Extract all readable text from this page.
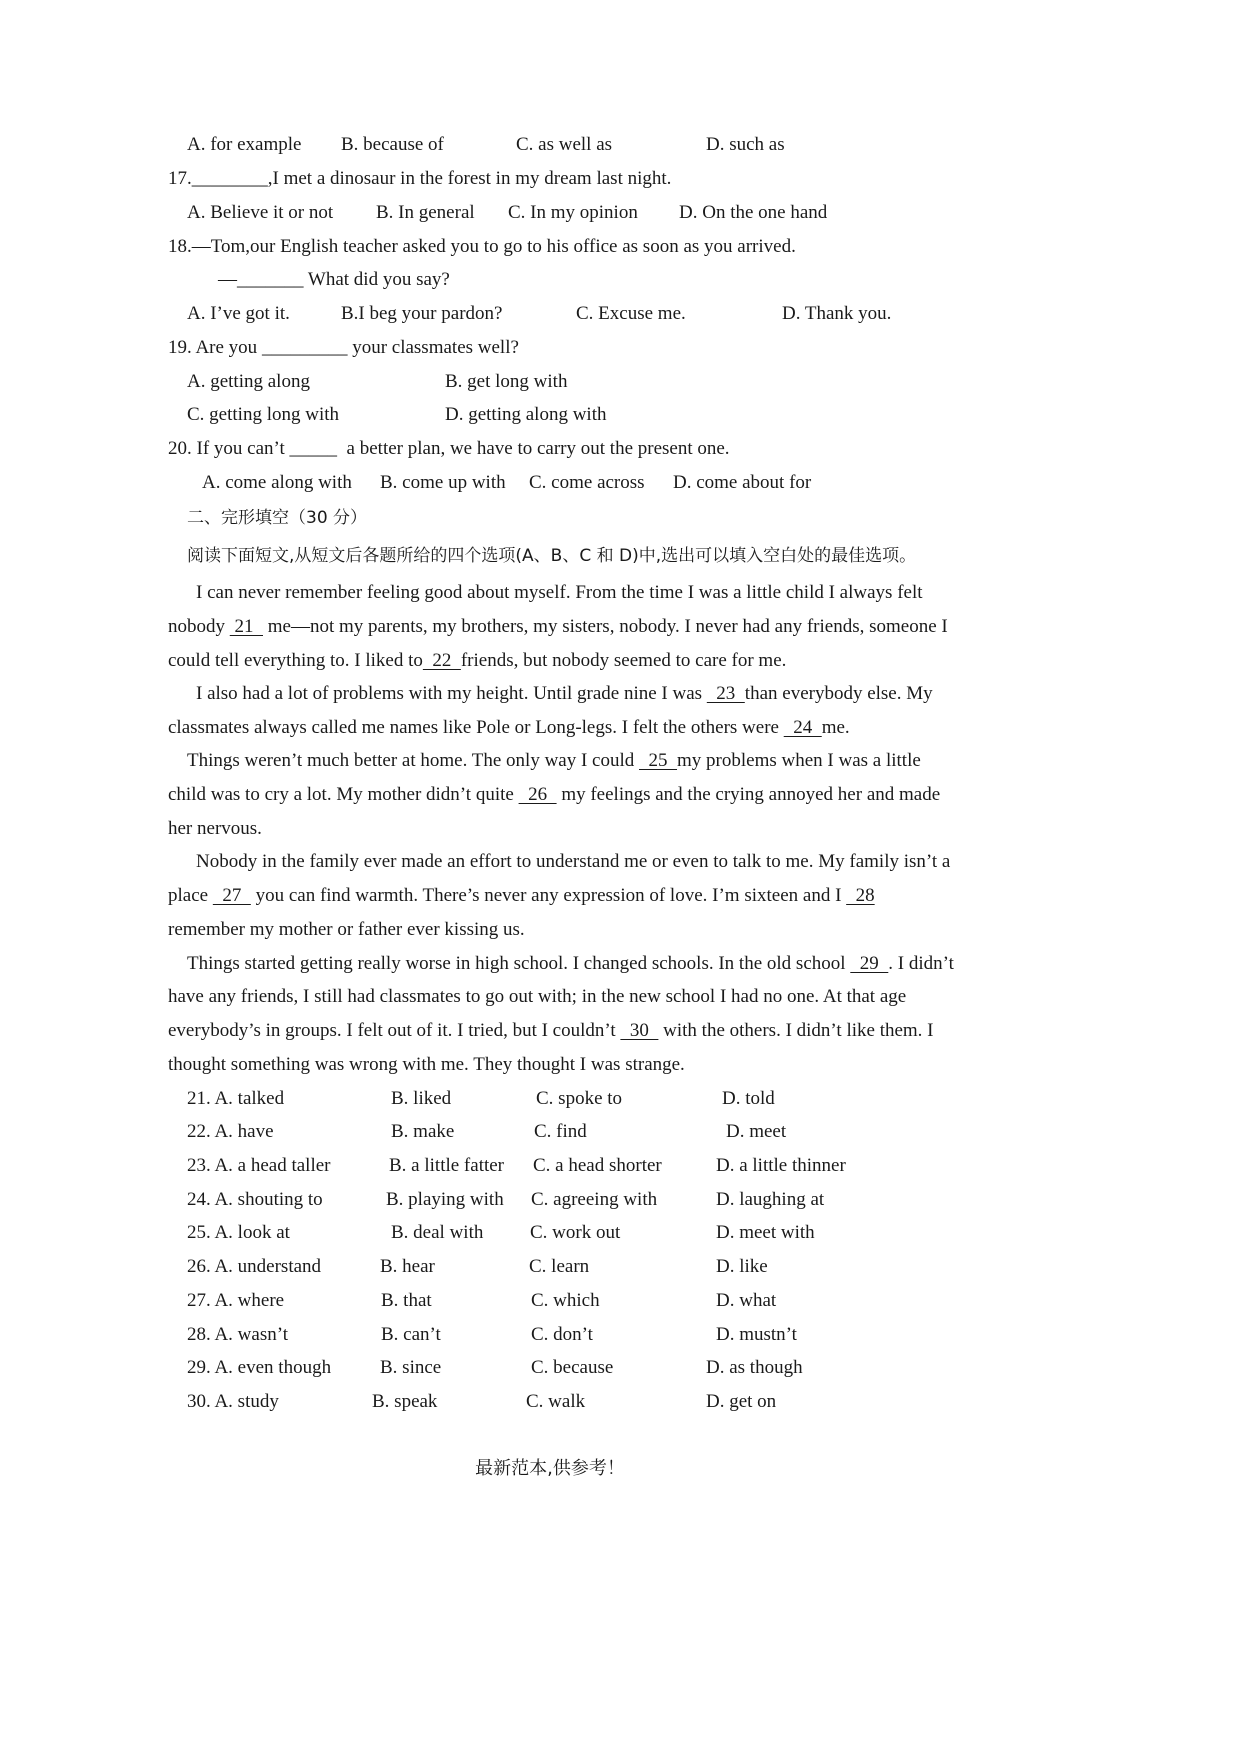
A. for example B. because of	C. as well as	D. such as
17.________,I met a dinosaur in the forest in my dream last night.
A. Believe it or not B. In general C. In my opinion D. On the one hand
18.—Tom,our English teacher asked you to go to his office as soon as you arrived.
—_______ What did you say?
A. I’ve got it.	B.I beg your pardon?	C. Excuse me.	D. Thank you.
19. Are you _________ your classmates well?
A. getting along	B. get long with
C. getting long with	D. getting along with
20. If you can’t _____  a better plan, we have to carry out the present one.
A. come along with B. come up with C. come across D. come about for
二、完形填空（30 分）
阅读下面短文,从短文后各题所给的四个选项(A、B、C 和 D)中,选出可以填入空白处的最佳选项。
I can never remember feeling good about myself. From the time I was a little child I always felt
nobody  21   me—not my parents, my brothers, my sisters, nobody. I never had any friends, someone I
could tell everything to. I liked to  22  friends, but nobody seemed to care for me.
I also had a lot of problems with my height. Until grade nine I was   23  than everybody else. My
classmates always called me names like Pole or Long-legs. I felt the others were   24  me.
Things weren’t much better at home. The only way I could   25  my problems when I was a little
child was to cry a lot. My mother didn’t quite   26   my feelings and the crying annoyed her and made
her nervous.
Nobody in the family ever made an effort to understand me or even to talk to me. My family isn’t a
place   27   you can find warmth. There’s never any expression of love. I’m sixteen and I   28
remember my mother or father ever kissing us.
Things started getting really worse in high school. I changed schools. In the old school   29  . I didn’t
have any friends, I still had classmates to go out with; in the new school I had no one. At that age
everybody’s in groups. I felt out of it. I tried, but I couldn’t   30   with the others. I didn’t like them. I
thought something was wrong with me. They thought I was strange.
21. A. talked	B. liked	C. spoke to	D. told
22. A. have	B. make	C. find	D. meet
23. A. a head taller	B. a little fatter C. a head shorter	D. a little thinner
24. A. shouting to	B. playing with C. agreeing with	D. laughing at
25. A. look at	B. deal with C. work out	D. meet with
26. A. understand	B. hear	C. learn	D. like
27. A. where	B. that	C. which	D. what
28. A. wasn’t	B. can’t	C. don’t	D. mustn’t
29. A. even though	B. since	C. because	D. as though
30. A. study	B. speak	C. walk	D. get on
最新范本,供参考！
